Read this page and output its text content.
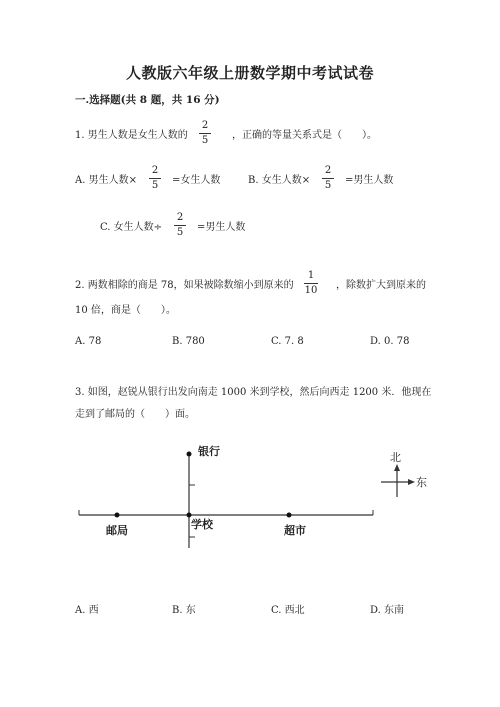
人教版六年级上册数学期中考试试卷
一.选择题(共 8 题，共 16 分)
1. 男生人数是女生人数的
2
5	，正确的等量关系式是（　　）。
A. 男生人数×
2
5	=女生人数	B. 女生人数×
2
5	=男生人数
C. 女生人数÷
2
5	=男生人数
2. 两数相除的商是 78，如果被除数缩小到原来的
1
10 ，除数扩大到原来的
10 倍，商是（　　）。
A. 78	B. 780	C. 7. 8	D. 0. 78
3. 如图，赵锐从银行出发向南走 1000 米到学校，然后向西走 1200 米．他现在
走到了邮局的（　　）面。
银行
邮局	学校	超市
北
东
A. 西	B. 东	C. 西北	D. 东南
